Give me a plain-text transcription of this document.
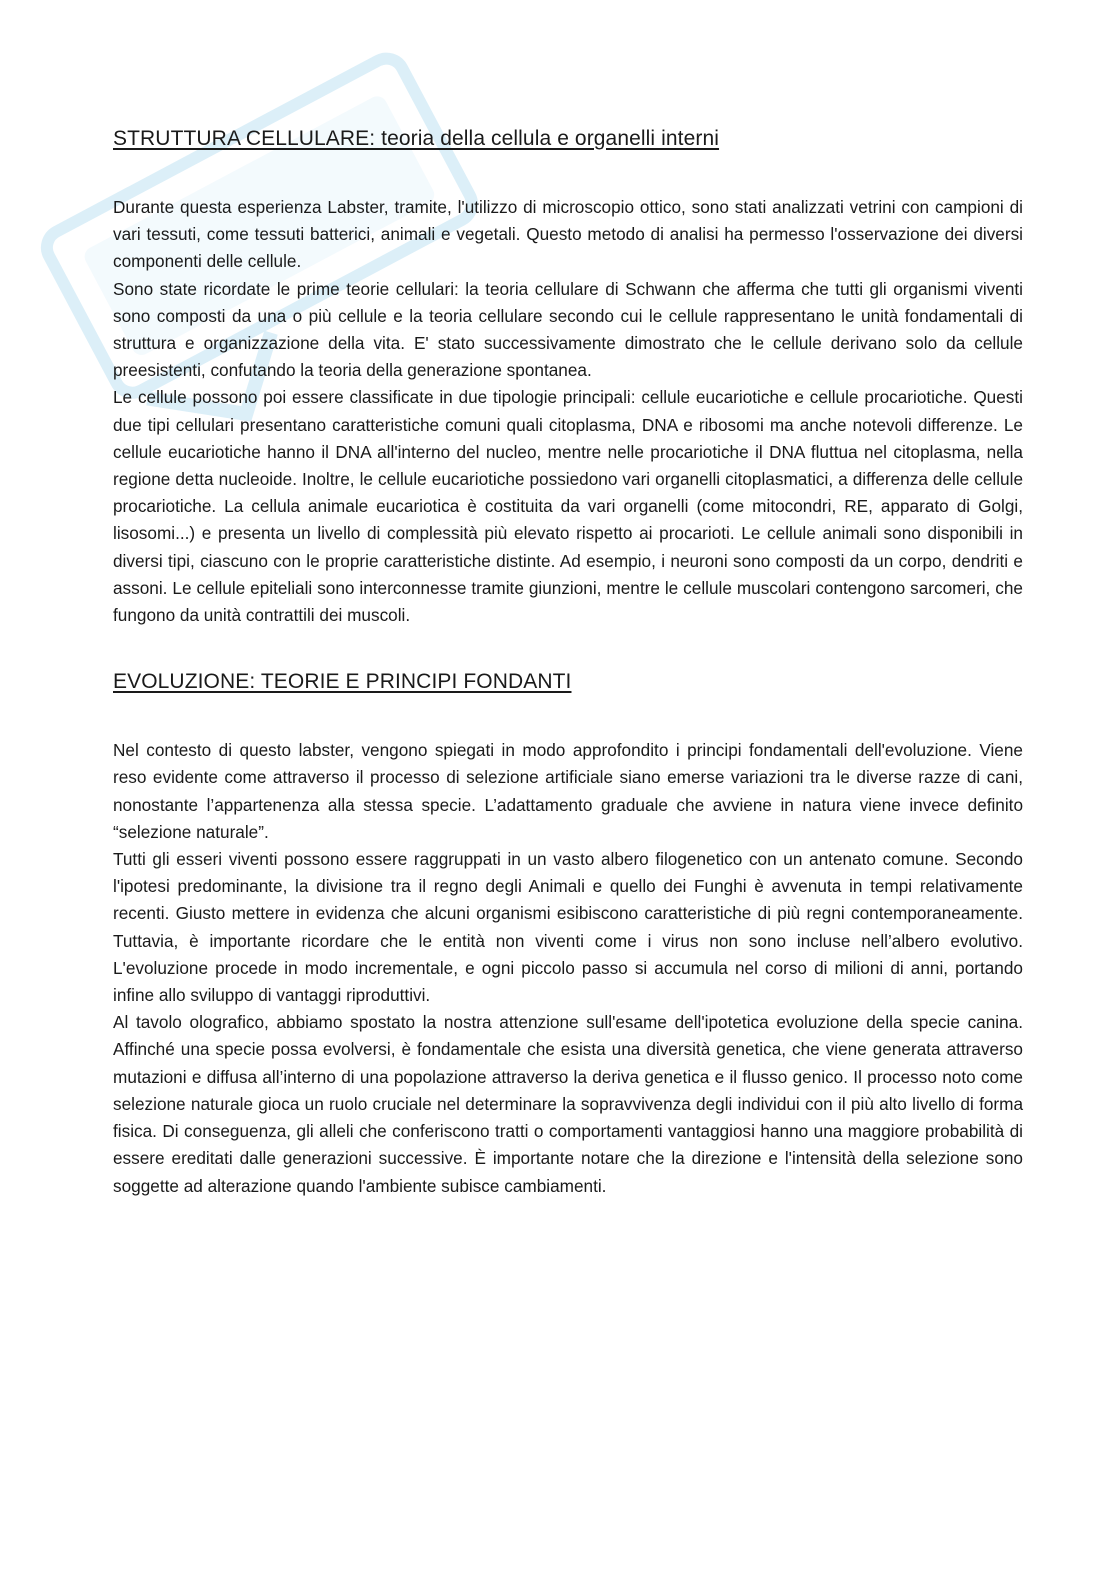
STRUTTURA CELLULARE: teoria della cellula e organelli interni

Durante questa esperienza Labster, tramite, l'utilizzo di microscopio ottico, sono stati analizzati vetrini con campioni di vari tessuti, come tessuti batterici, animali e vegetali. Questo metodo di analisi ha permesso l'osservazione dei diversi componenti delle cellule.

Sono state ricordate le prime teorie cellulari: la teoria cellulare di Schwann che afferma che tutti gli organismi viventi sono composti da una o più cellule e la teoria cellulare secondo cui le cellule rappresentano le unità fondamentali di struttura e organizzazione della vita. E' stato successivamente dimostrato che le cellule derivano solo da cellule preesistenti, confutando la teoria della generazione spontanea.

Le cellule possono poi essere classificate in due tipologie principali: cellule eucariotiche e cellule procariotiche. Questi due tipi cellulari presentano caratteristiche comuni quali citoplasma, DNA e ribosomi ma anche notevoli differenze. Le cellule eucariotiche hanno il DNA all'interno del nucleo, mentre nelle procariotiche il DNA fluttua nel citoplasma, nella regione detta nucleoide. Inoltre, le cellule eucariotiche possiedono vari organelli citoplasmatici, a differenza delle cellule procariotiche. La cellula animale eucariotica è costituita da vari organelli (come mitocondri, RE, apparato di Golgi, lisosomi...) e presenta un livello di complessità più elevato rispetto ai procarioti. Le cellule animali sono disponibili in diversi tipi, ciascuno con le proprie caratteristiche distinte. Ad esempio, i neuroni sono composti da un corpo, dendriti e assoni. Le cellule epiteliali sono interconnesse tramite giunzioni, mentre le cellule muscolari contengono sarcomeri, che fungono da unità contrattili dei muscoli.

EVOLUZIONE: TEORIE E PRINCIPI FONDANTI

Nel contesto di questo labster, vengono spiegati in modo approfondito i principi fondamentali dell'evoluzione. Viene reso evidente come attraverso il processo di selezione artificiale siano emerse variazioni tra le diverse razze di cani, nonostante l’appartenenza alla stessa specie. L’adattamento graduale che avviene in natura viene invece definito “selezione naturale”.

Tutti gli esseri viventi possono essere raggruppati in un vasto albero filogenetico con un antenato comune. Secondo l'ipotesi predominante, la divisione tra il regno degli Animali e quello dei Funghi è avvenuta in tempi relativamente recenti. Giusto mettere in evidenza che alcuni organismi esibiscono caratteristiche di più regni contemporaneamente. Tuttavia, è importante ricordare che le entità non viventi come i virus non sono incluse nell’albero evolutivo. L'evoluzione procede in modo incrementale, e ogni piccolo passo si accumula nel corso di milioni di anni, portando infine allo sviluppo di vantaggi riproduttivi.

Al tavolo olografico, abbiamo spostato la nostra attenzione sull'esame dell'ipotetica evoluzione della specie canina. Affinché una specie possa evolversi, è fondamentale che esista una diversità genetica, che viene generata attraverso mutazioni e diffusa all’interno di una popolazione attraverso la deriva genetica e il flusso genico. Il processo noto come selezione naturale gioca un ruolo cruciale nel determinare la sopravvivenza degli individui con il più alto livello di forma fisica. Di conseguenza, gli alleli che conferiscono tratti o comportamenti vantaggiosi hanno una maggiore probabilità di essere ereditati dalle generazioni successive. È importante notare che la direzione e l'intensità della selezione sono soggette ad alterazione quando l'ambiente subisce cambiamenti.
